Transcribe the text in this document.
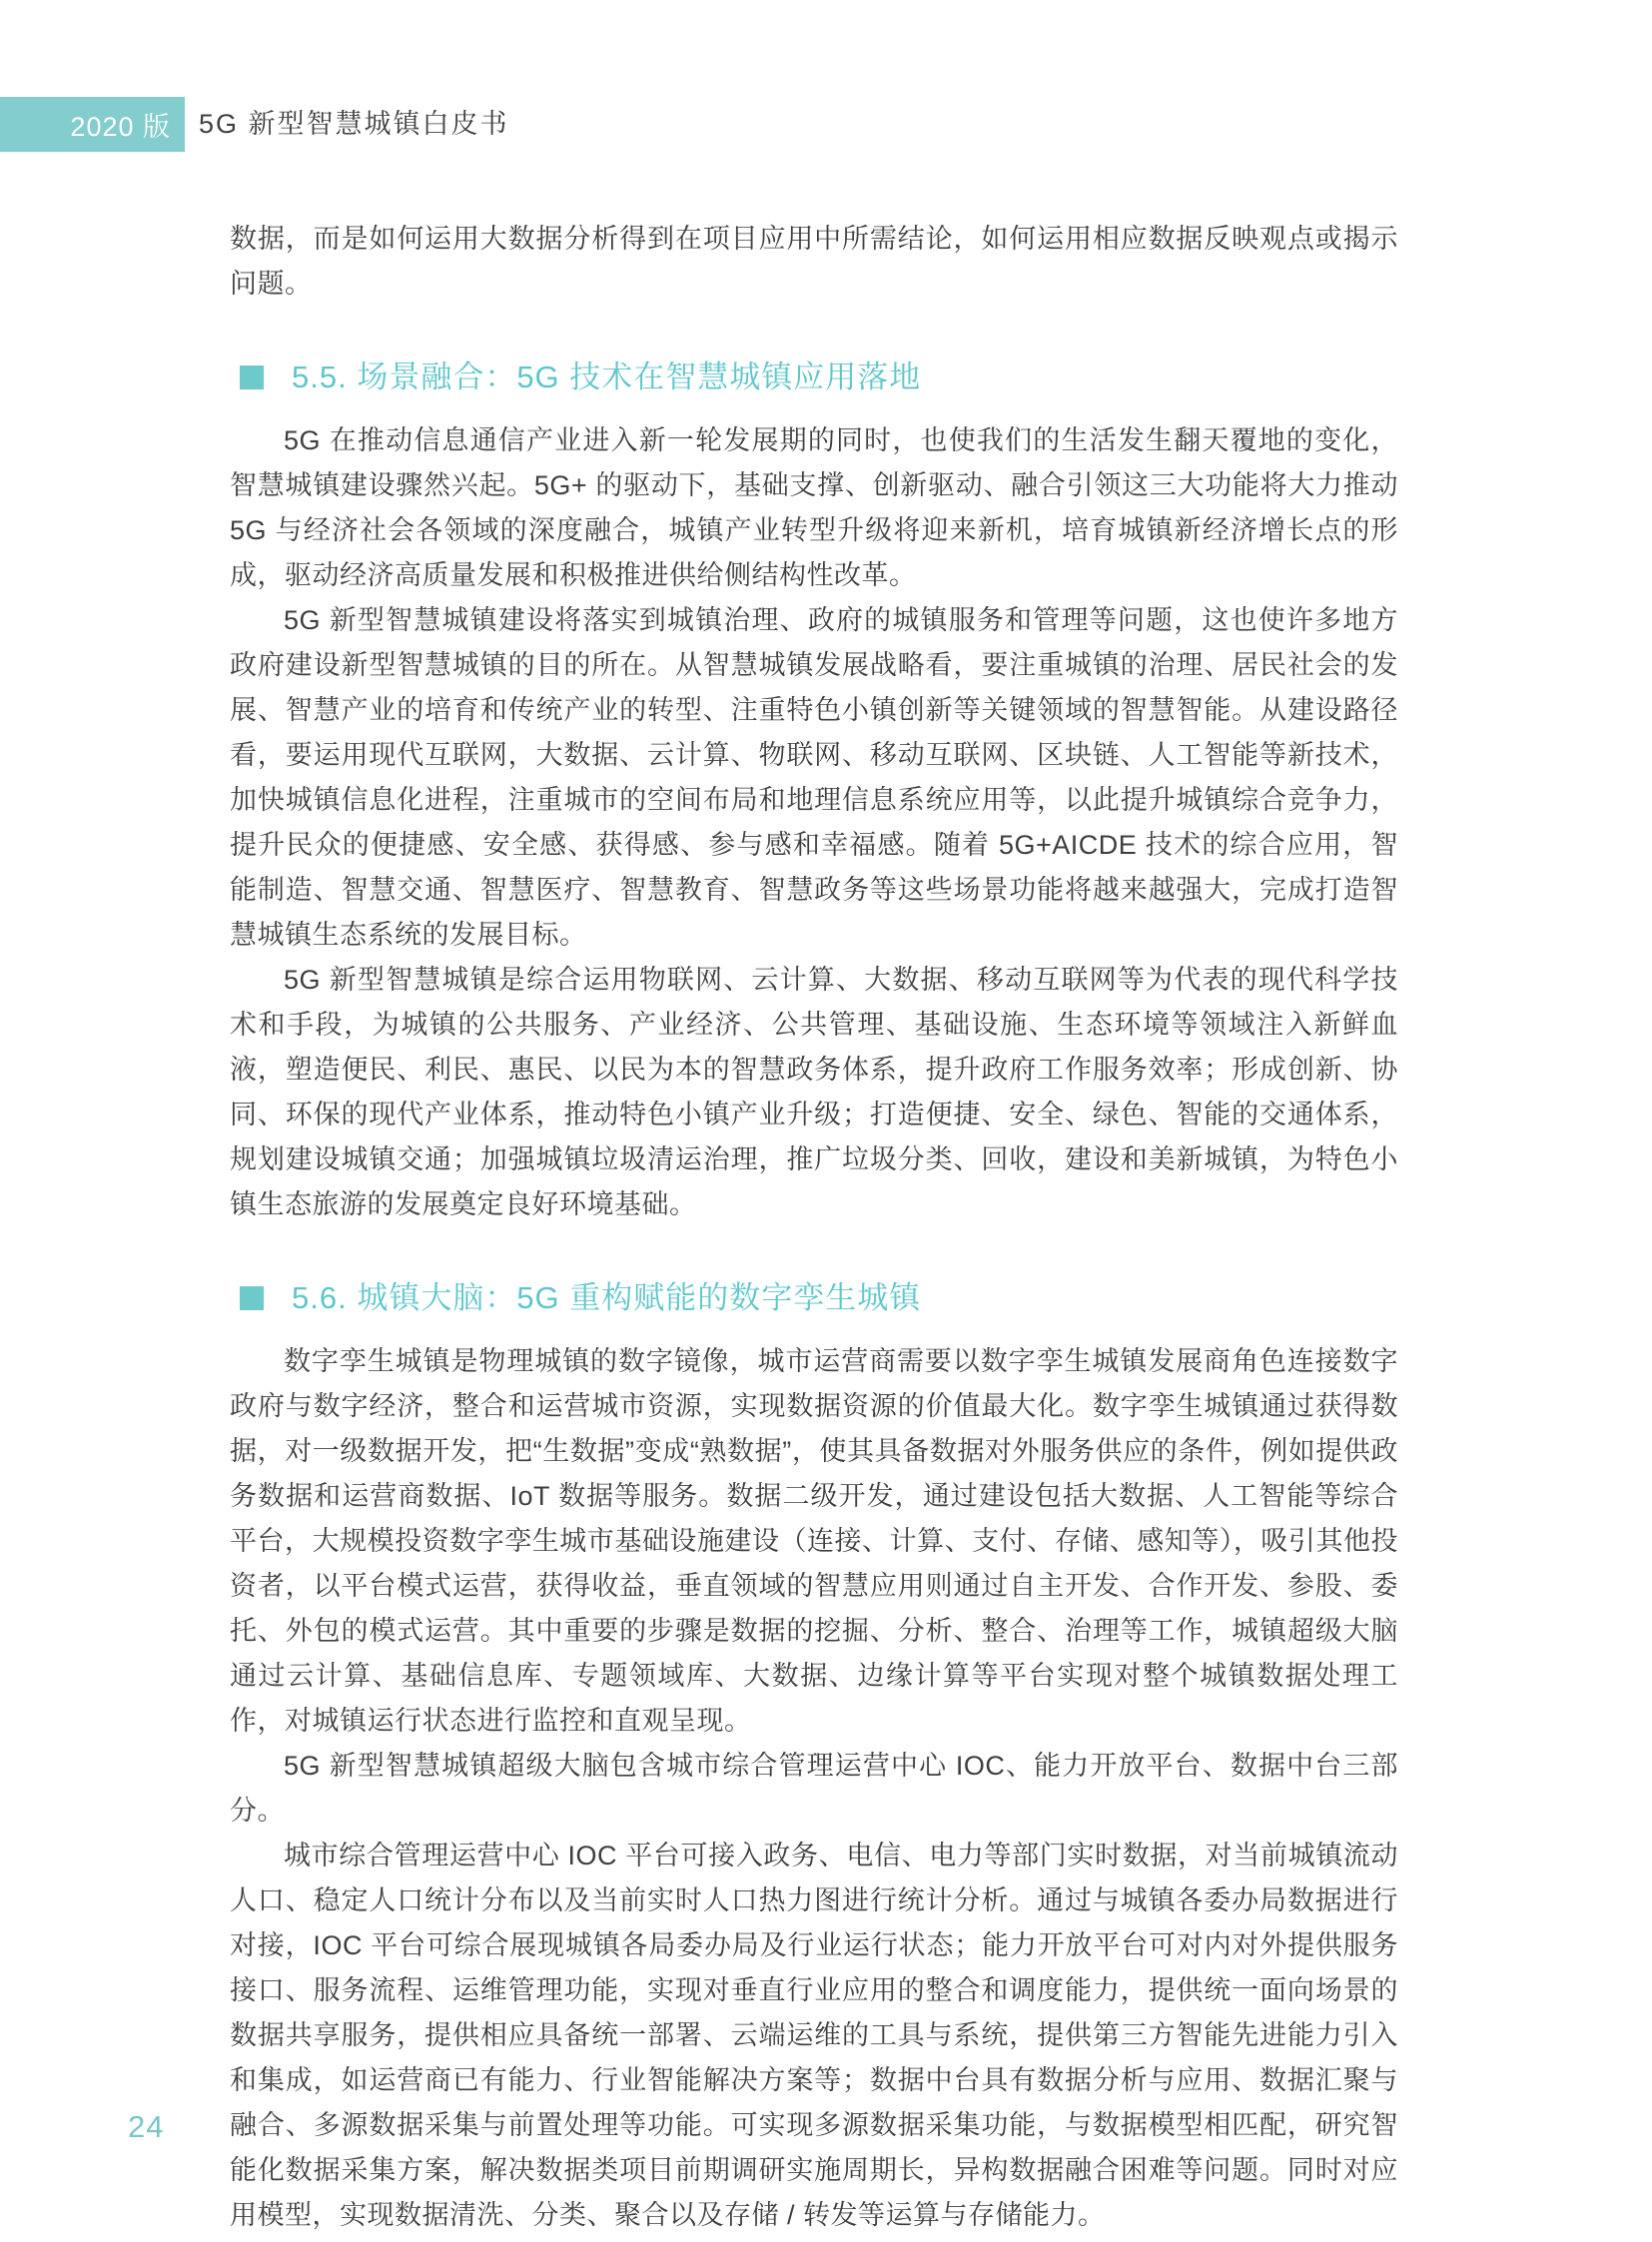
2020 版 5G 新型智慧城镇白皮书

数据，而是如何运用大数据分析得到在项目应用中所需结论，如何运用相应数据反映观点或揭示问题。

5.5. 场景融合：5G 技术在智慧城镇应用落地

5G 在推动信息通信产业进入新一轮发展期的同时，也使我们的生活发生翻天覆地的变化，智慧城镇建设骤然兴起。5G+ 的驱动下，基础支撑、创新驱动、融合引领这三大功能将大力推动 5G 与经济社会各领域的深度融合，城镇产业转型升级将迎来新机，培育城镇新经济增长点的形成，驱动经济高质量发展和积极推进供给侧结构性改革。

5G 新型智慧城镇建设将落实到城镇治理、政府的城镇服务和管理等问题，这也使许多地方政府建设新型智慧城镇的目的所在。从智慧城镇发展战略看，要注重城镇的治理、居民社会的发展、智慧产业的培育和传统产业的转型、注重特色小镇创新等关键领域的智慧智能。从建设路径看，要运用现代互联网，大数据、云计算、物联网、移动互联网、区块链、人工智能等新技术，加快城镇信息化进程，注重城市的空间布局和地理信息系统应用等，以此提升城镇综合竞争力，提升民众的便捷感、安全感、获得感、参与感和幸福感。随着 5G+AICDE 技术的综合应用，智能制造、智慧交通、智慧医疗、智慧教育、智慧政务等这些场景功能将越来越强大，完成打造智慧城镇生态系统的发展目标。

5G 新型智慧城镇是综合运用物联网、云计算、大数据、移动互联网等为代表的现代科学技术和手段，为城镇的公共服务、产业经济、公共管理、基础设施、生态环境等领域注入新鲜血液，塑造便民、利民、惠民、以民为本的智慧政务体系，提升政府工作服务效率；形成创新、协同、环保的现代产业体系，推动特色小镇产业升级；打造便捷、安全、绿色、智能的交通体系，规划建设城镇交通；加强城镇垃圾清运治理，推广垃圾分类、回收，建设和美新城镇，为特色小镇生态旅游的发展奠定良好环境基础。

5.6. 城镇大脑：5G 重构赋能的数字孪生城镇

数字孪生城镇是物理城镇的数字镜像，城市运营商需要以数字孪生城镇发展商角色连接数字政府与数字经济，整合和运营城市资源，实现数据资源的价值最大化。数字孪生城镇通过获得数据，对一级数据开发，把“生数据”变成“熟数据”，使其具备数据对外服务供应的条件，例如提供政务数据和运营商数据、IoT 数据等服务。数据二级开发，通过建设包括大数据、人工智能等综合平台，大规模投资数字孪生城市基础设施建设（连接、计算、支付、存储、感知等），吸引其他投资者，以平台模式运营，获得收益，垂直领域的智慧应用则通过自主开发、合作开发、参股、委托、外包的模式运营。其中重要的步骤是数据的挖掘、分析、整合、治理等工作，城镇超级大脑通过云计算、基础信息库、专题领域库、大数据、边缘计算等平台实现对整个城镇数据处理工作，对城镇运行状态进行监控和直观呈现。

5G 新型智慧城镇超级大脑包含城市综合管理运营中心 IOC、能力开放平台、数据中台三部分。

城市综合管理运营中心 IOC 平台可接入政务、电信、电力等部门实时数据，对当前城镇流动人口、稳定人口统计分布以及当前实时人口热力图进行统计分析。通过与城镇各委办局数据进行对接，IOC 平台可综合展现城镇各局委办局及行业运行状态；能力开放平台可对内对外提供服务接口、服务流程、运维管理功能，实现对垂直行业应用的整合和调度能力，提供统一面向场景的数据共享服务，提供相应具备统一部署、云端运维的工具与系统，提供第三方智能先进能力引入和集成，如运营商已有能力、行业智能解决方案等；数据中台具有数据分析与应用、数据汇聚与融合、多源数据采集与前置处理等功能。可实现多源数据采集功能，与数据模型相匹配，研究智能化数据采集方案，解决数据类项目前期调研实施周期长，异构数据融合困难等问题。同时对应用模型，实现数据清洗、分类、聚合以及存储 / 转发等运算与存储能力。

24
